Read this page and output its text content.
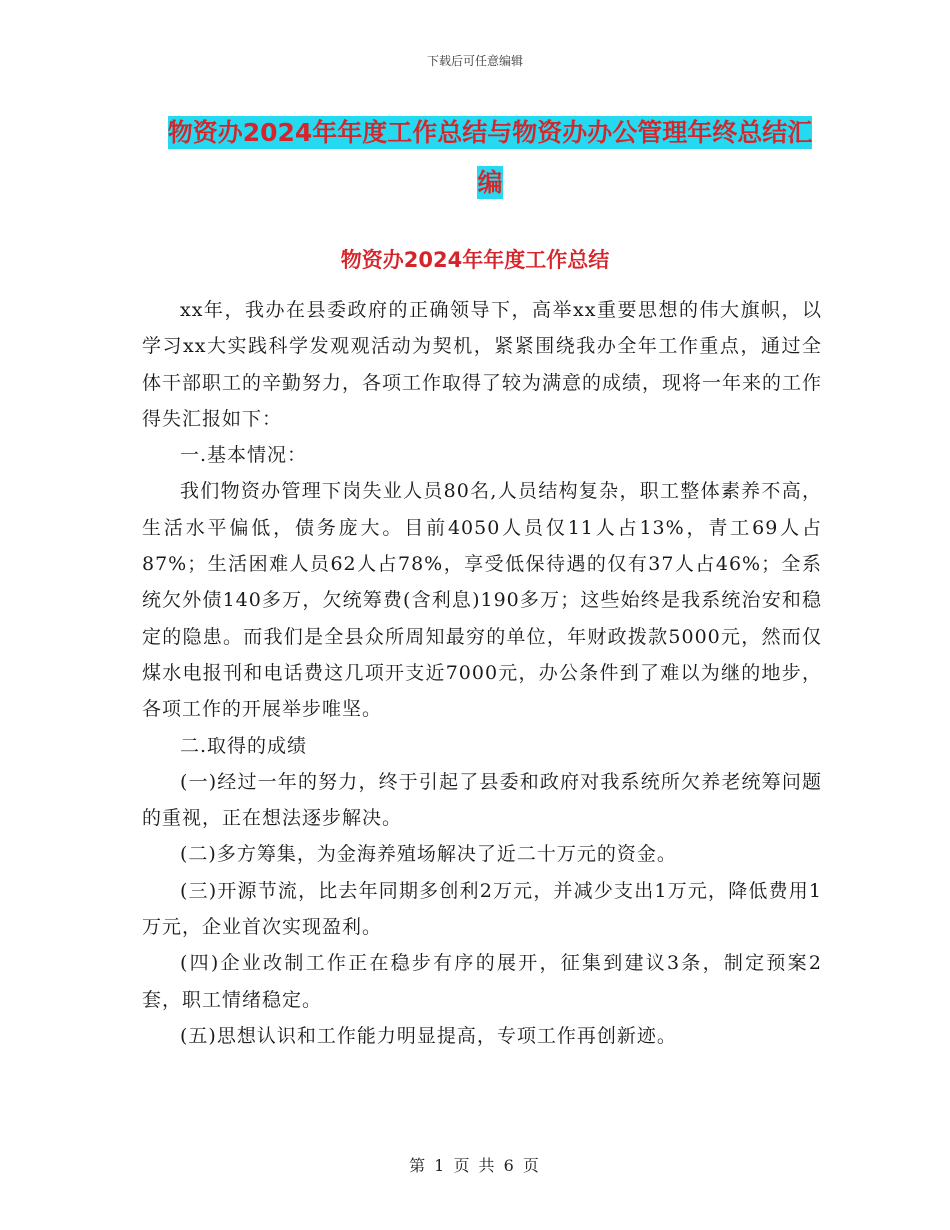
下载后可任意编辑
物资办2024年年度工作总结与物资办办公管理年终总结汇编
物资办2024年年度工作总结

xx年，我办在县委政府的正确领导下，高举xx重要思想的伟大旗帜，以学习xx大实践科学发观观活动为契机，紧紧围绕我办全年工作重点，通过全体干部职工的辛勤努力，各项工作取得了较为满意的成绩，现将一年来的工作得失汇报如下：

一.基本情况：

我们物资办管理下岗失业人员80名,人员结构复杂，职工整体素养不高，生活水平偏低，债务庞大。目前4050人员仅11人占13%，青工69人占87%；生活困难人员62人占78%，享受低保待遇的仅有37人占46%；全系统欠外债140多万，欠统筹费(含利息)190多万；这些始终是我系统治安和稳定的隐患。而我们是全县众所周知最穷的单位，年财政拨款5000元，然而仅煤水电报刊和电话费这几项开支近7000元，办公条件到了难以为继的地步，各项工作的开展举步唯坚。

二.取得的成绩

(一)经过一年的努力，终于引起了县委和政府对我系统所欠养老统筹问题的重视，正在想法逐步解决。

(二)多方筹集，为金海养殖场解决了近二十万元的资金。

(三)开源节流，比去年同期多创利2万元，并减少支出1万元，降低费用1万元，企业首次实现盈利。

(四)企业改制工作正在稳步有序的展开，征集到建议3条，制定预案2套，职工情绪稳定。

(五)思想认识和工作能力明显提高，专项工作再创新迹。

第 1 页 共 6 页
